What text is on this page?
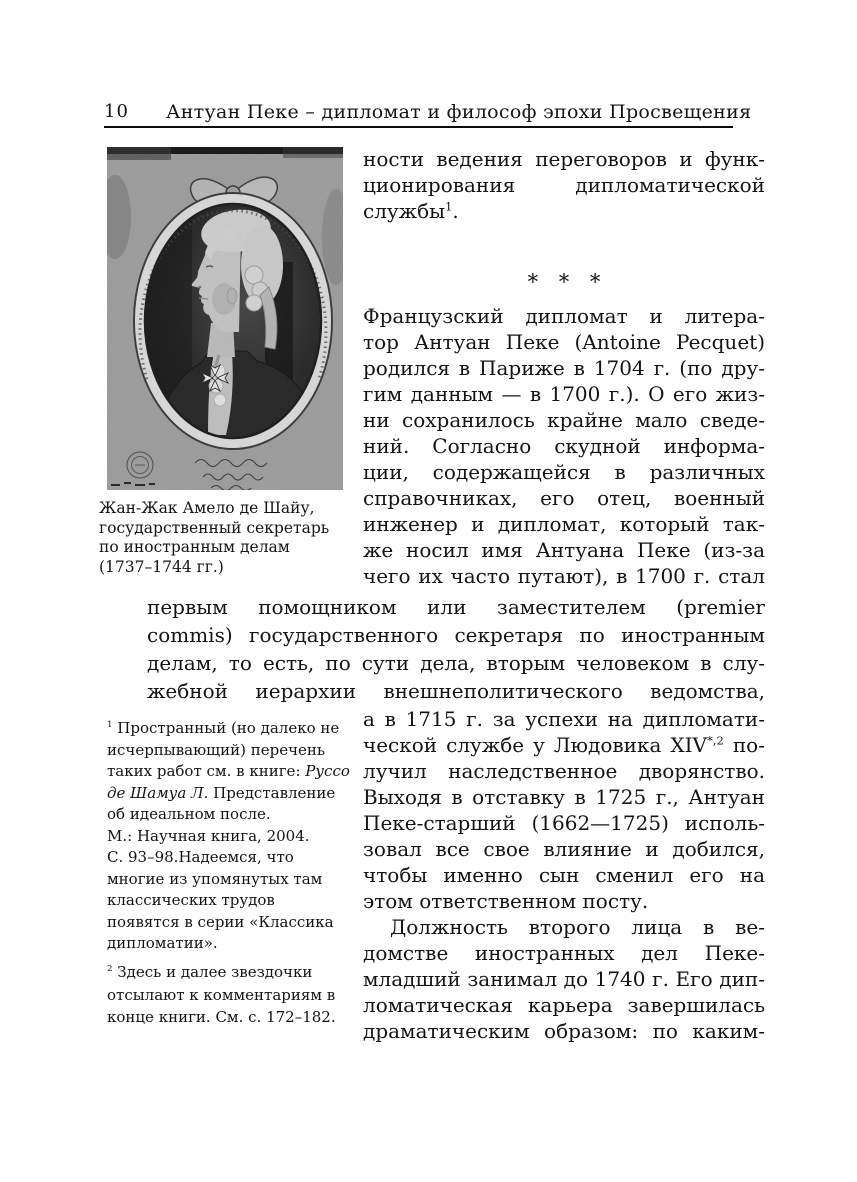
10 Антуан Пеке – дипломат и философ эпохи Просвещения
Жан-Жак Амело де Шайу,
государственный секретарь
по иностранным делам
(1737–1744 гг.)
ности ведения переговоров и функ-
ционирования дипломатической
службы$^1$.
* * *
Французский дипломат и литера-
тор Антуан Пеке (Antoine Pecquet)
родился в Париже в 1704 г. (по дру-
гим данным — в 1700 г.). О его жиз-
ни сохранилось крайне мало сведе-
ний. Согласно скудной информа-
ции, содержащейся в различных
справочниках, его отец, военный
инженер и дипломат, который так-
же носил имя Антуана Пеке (из-за
чего их часто путают), в 1700 г. стал
первым помощником или заместителем (premier
commis) государственного секретаря по иностранным
делам, то есть, по сути дела, вторым человеком в слу-
жебной иерархии внешнеполитического ведомства,
а в 1715 г. за успехи на дипломати-
ческой службе у Людовика $XIV^{*,2}$ по-
лучил наследственное дворянство.
Выходя в отставку в 1725 г., Антуан
Пеке-старший (1662—1725) исполь-
зовал все свое влияние и добился,
чтобы именно сын сменил его на
этом ответственном посту.
Должность второго лица в ве-
домстве иностранных дел Пеке-
младший занимал до 1740 г. Его дип-
ломатическая карьера завершилась
драматическим образом: по каким-
$^1$ Пространный (но далеко не
исчерпывающий) перечень
таких работ см. в книге: Руссо
де Шамуа Л. Представление
об идеальном после.
М.: Научная книга, 2004.
С. 93–98.Надеемся, что
многие из упомянутых там
классических трудов
появятся в серии «Классика
дипломатии».
$^2$ Здесь и далее звездочки
отсылают к комментариям в
конце книги. См. с. 172–182.
